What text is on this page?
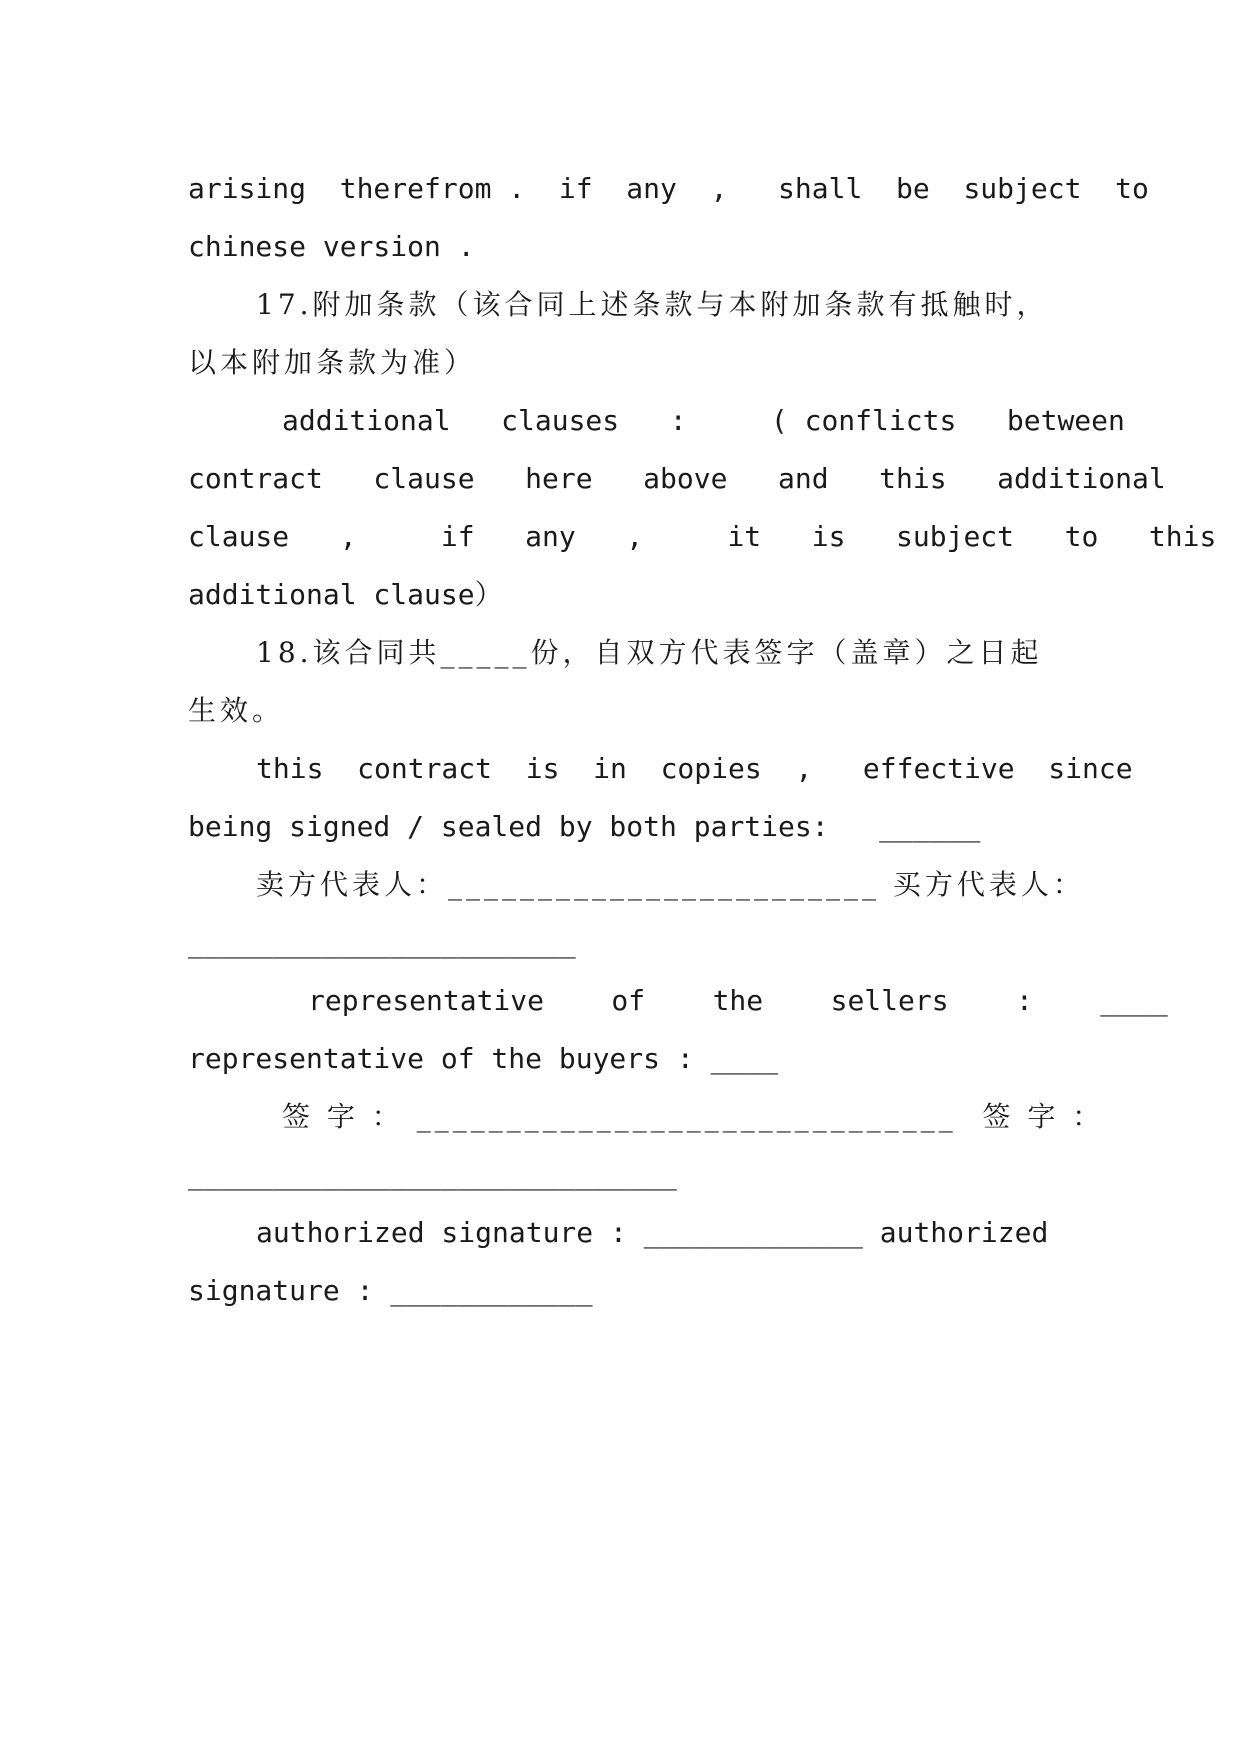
arising  therefrom .  if  any  ,   shall  be  subject  to

chinese version .

17.附加条款（该合同上述条款与本附加条款有抵触时，

以本附加条款为准）

additional   clauses   :     ( conflicts   between

contract   clause   here   above   and   this   additional

clause   ,     if   any   ,     it   is   subject   to   this

additional clause）

18.该合同共_____份，自双方代表签字（盖章）之日起

生效。

this  contract  is  in  copies  ,   effective  since

being signed / sealed by both parties:   ______

卖方代表人：________________________ 买方代表人：

_______________________

representative    of    the    sellers    :    ____

representative of the buyers : ____

签 字 ： ______________________________  签 字 ：

_____________________________

authorized signature : _____________ authorized

signature : ____________
